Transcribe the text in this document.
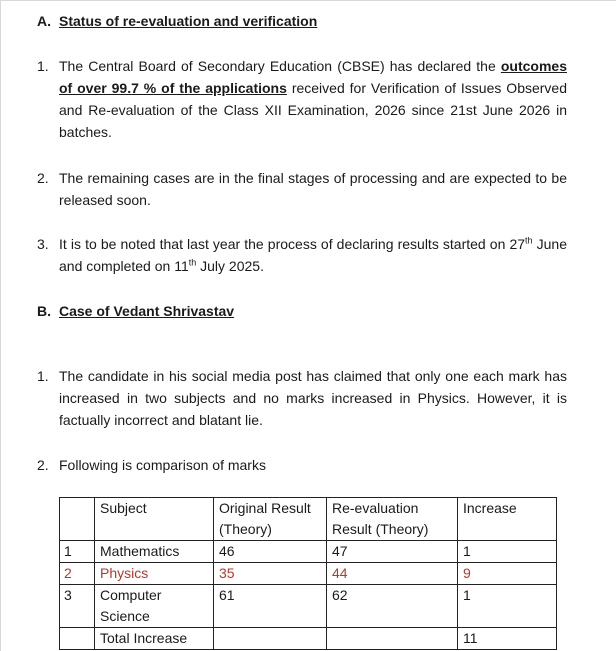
A. Status of re-evaluation and verification
1. The Central Board of Secondary Education (CBSE) has declared the outcomes of over 99.7 % of the applications received for Verification of Issues Observed and Re-evaluation of the Class XII Examination, 2026 since 21st June 2026 in batches.
2. The remaining cases are in the final stages of processing and are expected to be released soon.
3. It is to be noted that last year the process of declaring results started on 27th June and completed on 11th July 2025.
B. Case of Vedant Shrivastav
1. The candidate in his social media post has claimed that only one each mark has increased in two subjects and no marks increased in Physics. However, it is factually incorrect and blatant lie.
2. Following is comparison of marks
	Subject	Original Result (Theory)	Re-evaluation Result (Theory)	Increase
1	Mathematics	46	47	1
2	Physics	35	44	9
3	Computer Science	61	62	1
	Total Increase			11
